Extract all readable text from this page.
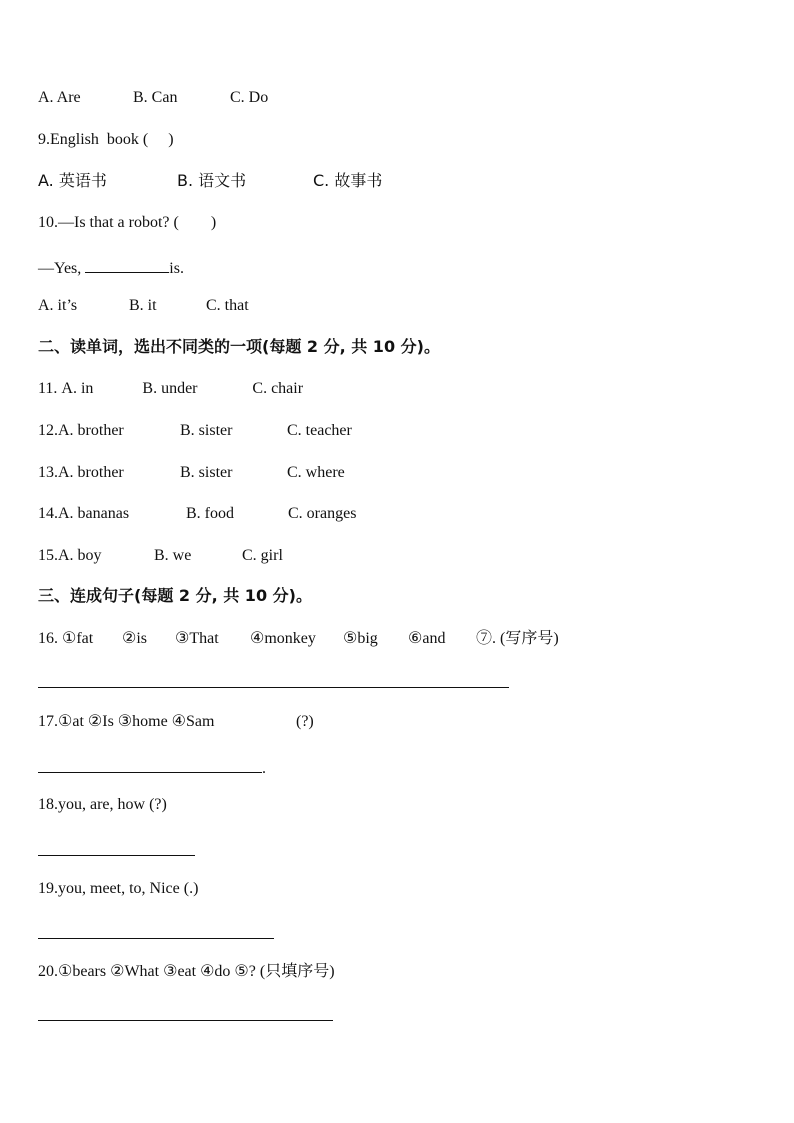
A. Are	B. Can	C. Do
9.English  book (     )
A. 英语书	B. 语文书	C. 故事书
10.—Is that a robot? (        )
—Yes,	is.
A. it’s	B. it	C. that
二、读单词，选出不同类的一项(每题 2 分, 共 10 分)。
11. A. in	B. under	C. chair
12.A. brother	B. sister	C. teacher
13.A. brother	B. sister	C. where
14.A. bananas	B. food	C. oranges
15.A. boy	B. we	C. girl
三、连成句子(每题 2 分, 共 10 分)。
16. ①fat ②is ③That ④monkey ⑤big ⑥and ⑦. (写序号)
17.①at ②Is ③home ④Sam	(?)
.
18.you, are, how (?)
19.you, meet, to, Nice (.)
20.①bears ②What ③eat ④do ⑤? (只填序号)
